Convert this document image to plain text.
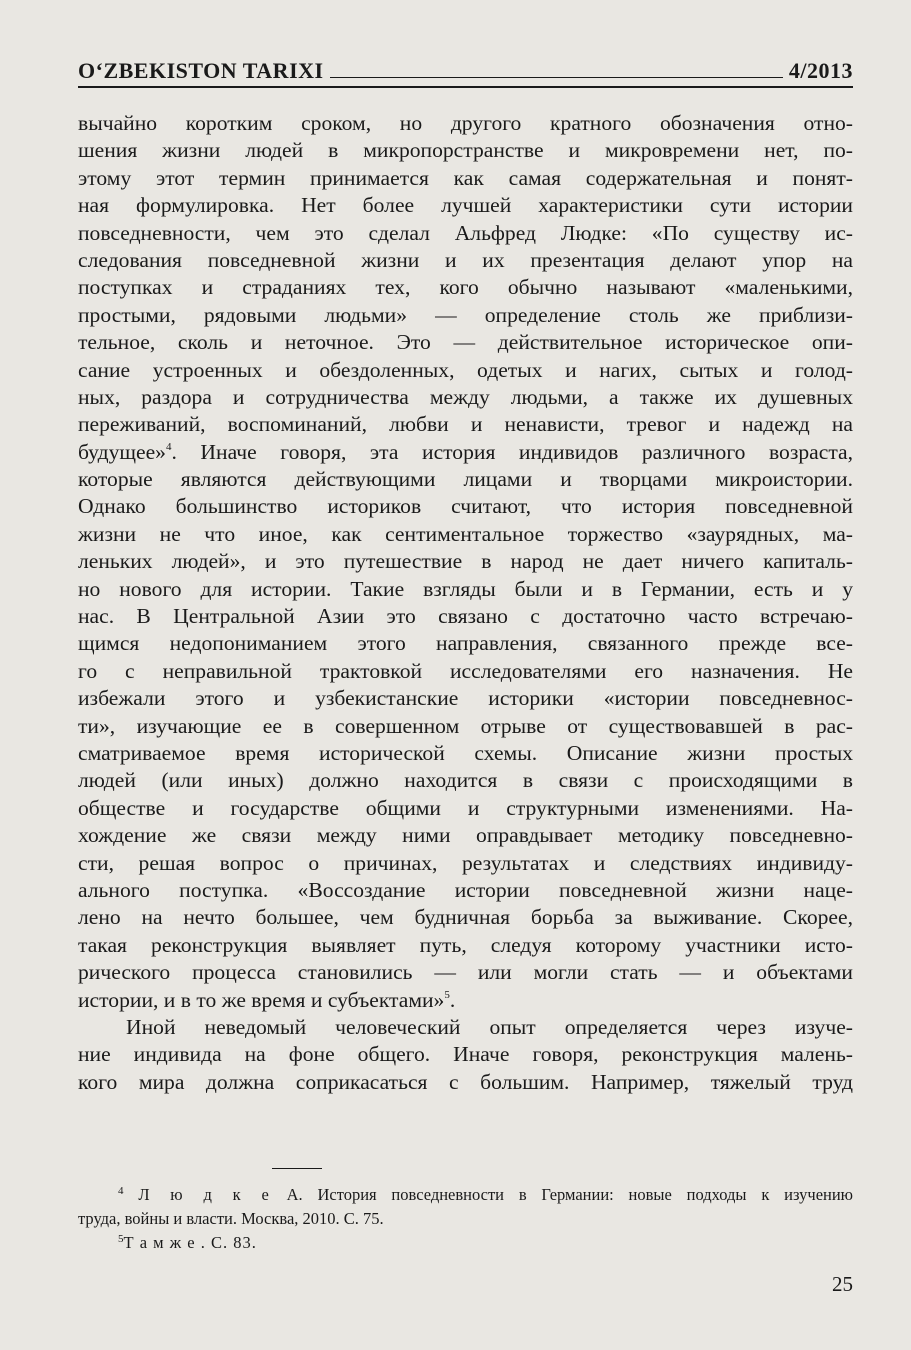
O‘ZBEKISTON TARIXI	4/2013
вычайно коротким сроком, но другого кратного обозначения отно-
шения жизни людей в микропорстранстве и микровремени нет, по-
этому этот термин принимается как самая содержательная и понят-
ная формулировка. Нет более лучшей характеристики сути истории
повседневности, чем это сделал Альфред Людке: «По существу ис-
следования повседневной жизни и их презентация делают упор на
поступках и страданиях тех, кого обычно называют «маленькими,
простыми, рядовыми людьми» — определение столь же приблизи-
тельное, сколь и неточное. Это — действительное историческое опи-
сание устроенных и обездоленных, одетых и нагих, сытых и голод-
ных, раздора и сотрудничества между людьми, а также их душевных
переживаний, воспоминаний, любви и ненависти, тревог и надежд на
будущее»$^4$. Иначе говоря, эта история индивидов различного возраста,
которые являются действующими лицами и творцами микроистории.
Однако большинство историков считают, что история повседневной
жизни не что иное, как сентиментальное торжество «заурядных, ма-
леньких людей», и это путешествие в народ не дает ничего капиталь-
но нового для истории. Такие взгляды были и в Германии, есть и у
нас. В Центральной Азии это связано с достаточно часто встречаю-
щимся недопониманием этого направления, связанного прежде все-
го с неправильной трактовкой исследователями его назначения. Не
избежали этого и узбекистанские историки «истории повседневнос-
ти», изучающие ее в совершенном отрыве от существовавшей в рас-
сматриваемое время исторической схемы. Описание жизни простых
людей (или иных) должно находится в связи с происходящими в
обществе и государстве общими и структурными изменениями. На-
хождение же связи между ними оправдывает методику повседневно-
сти, решая вопрос о причинах, результатах и следствиях индивиду-
ального поступка. «Воссоздание истории повседневной жизни наце-
лено на нечто большее, чем будничная борьба за выживание. Скорее,
такая реконструкция выявляет путь, следуя которому участники исто-
рического процесса становились — или могли стать — и объектами
истории, и в то же время и субъектами»$^5$.
Иной неведомый человеческий опыт определяется через изуче-
ние индивида на фоне общего. Иначе говоря, реконструкция малень-
кого мира должна соприкасаться с большим. Например, тяжелый труд
$^4$ Л ю д к е А. История повседневности в Германии: новые подходы к изучению
труда, войны и власти. Москва, 2010. С. 75.
$^5$Т а м ж е . С. 83.
25
